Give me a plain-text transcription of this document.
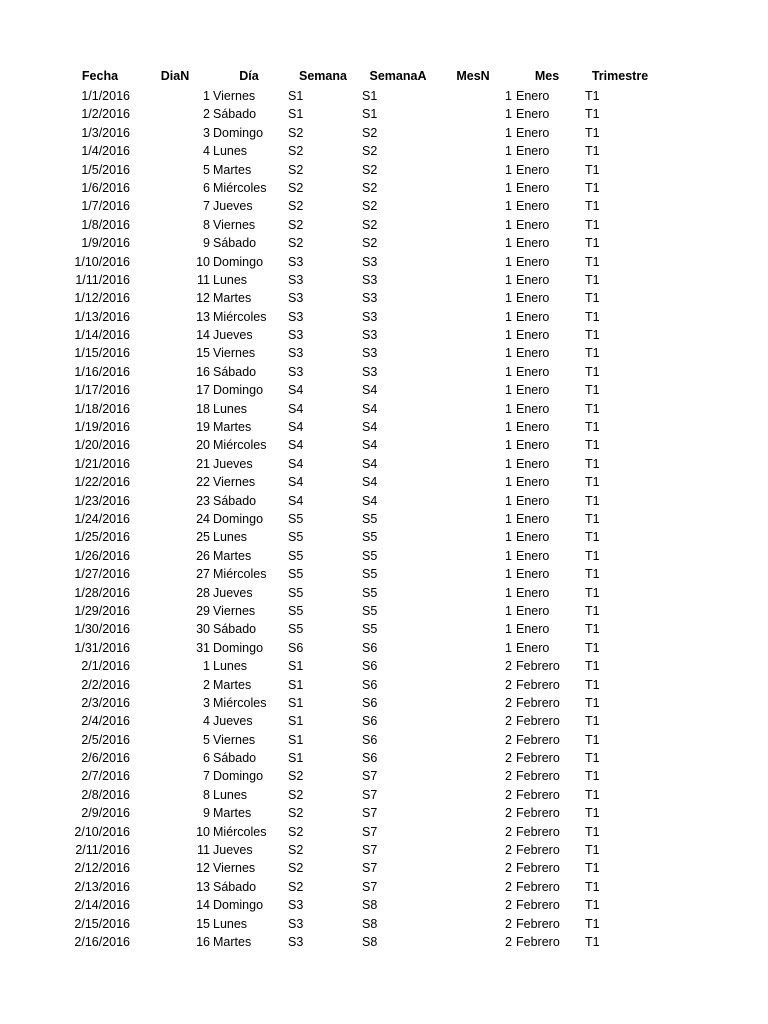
Fecha	DiaN	Día	Semana	SemanaA	MesN	Mes	Trimestre
1/1/2016	1 Viernes	S1	S1	1 Enero	T1
1/2/2016	2 Sábado	S1	S1	1 Enero	T1
1/3/2016	3 Domingo	S2	S2	1 Enero	T1
1/4/2016	4 Lunes	S2	S2	1 Enero	T1
1/5/2016	5 Martes	S2	S2	1 Enero	T1
1/6/2016	6 Miércoles	S2	S2	1 Enero	T1
1/7/2016	7 Jueves	S2	S2	1 Enero	T1
1/8/2016	8 Viernes	S2	S2	1 Enero	T1
1/9/2016	9 Sábado	S2	S2	1 Enero	T1
1/10/2016	10 Domingo	S3	S3	1 Enero	T1
1/11/2016	11 Lunes	S3	S3	1 Enero	T1
1/12/2016	12 Martes	S3	S3	1 Enero	T1
1/13/2016	13 Miércoles	S3	S3	1 Enero	T1
1/14/2016	14 Jueves	S3	S3	1 Enero	T1
1/15/2016	15 Viernes	S3	S3	1 Enero	T1
1/16/2016	16 Sábado	S3	S3	1 Enero	T1
1/17/2016	17 Domingo	S4	S4	1 Enero	T1
1/18/2016	18 Lunes	S4	S4	1 Enero	T1
1/19/2016	19 Martes	S4	S4	1 Enero	T1
1/20/2016	20 Miércoles	S4	S4	1 Enero	T1
1/21/2016	21 Jueves	S4	S4	1 Enero	T1
1/22/2016	22 Viernes	S4	S4	1 Enero	T1
1/23/2016	23 Sábado	S4	S4	1 Enero	T1
1/24/2016	24 Domingo	S5	S5	1 Enero	T1
1/25/2016	25 Lunes	S5	S5	1 Enero	T1
1/26/2016	26 Martes	S5	S5	1 Enero	T1
1/27/2016	27 Miércoles	S5	S5	1 Enero	T1
1/28/2016	28 Jueves	S5	S5	1 Enero	T1
1/29/2016	29 Viernes	S5	S5	1 Enero	T1
1/30/2016	30 Sábado	S5	S5	1 Enero	T1
1/31/2016	31 Domingo	S6	S6	1 Enero	T1
2/1/2016	1 Lunes	S1	S6	2 Febrero	T1
2/2/2016	2 Martes	S1	S6	2 Febrero	T1
2/3/2016	3 Miércoles	S1	S6	2 Febrero	T1
2/4/2016	4 Jueves	S1	S6	2 Febrero	T1
2/5/2016	5 Viernes	S1	S6	2 Febrero	T1
2/6/2016	6 Sábado	S1	S6	2 Febrero	T1
2/7/2016	7 Domingo	S2	S7	2 Febrero	T1
2/8/2016	8 Lunes	S2	S7	2 Febrero	T1
2/9/2016	9 Martes	S2	S7	2 Febrero	T1
2/10/2016	10 Miércoles	S2	S7	2 Febrero	T1
2/11/2016	11 Jueves	S2	S7	2 Febrero	T1
2/12/2016	12 Viernes	S2	S7	2 Febrero	T1
2/13/2016	13 Sábado	S2	S7	2 Febrero	T1
2/14/2016	14 Domingo	S3	S8	2 Febrero	T1
2/15/2016	15 Lunes	S3	S8	2 Febrero	T1
2/16/2016	16 Martes	S3	S8	2 Febrero	T1
